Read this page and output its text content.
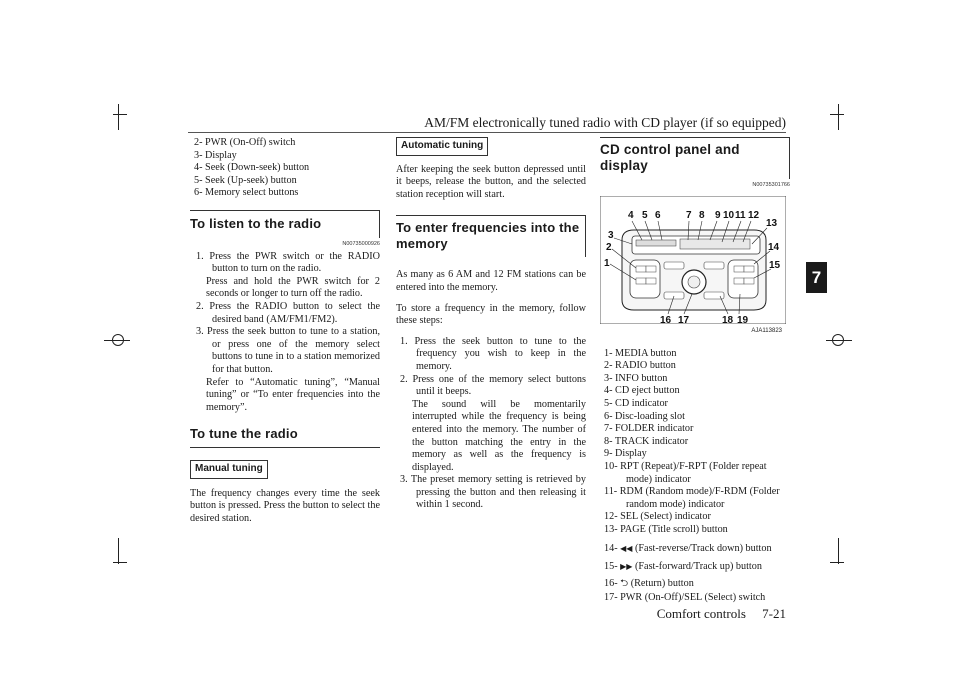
AM/FM electronically tuned radio with CD player (if so equipped)
7
Comfort controls 7-21
2- PWR (On-Off) switch
3- Display
4- Seek (Down-seek) button
5- Seek (Up-seek) button
6- Memory select buttons
To listen to the radio
N00735000926
1. Press the PWR switch or the RADIO button to turn on the radio.
Press and hold the PWR switch for 2 seconds or longer to turn off the radio.
2. Press the RADIO button to select the desired band (AM/FM1/FM2).
3. Press the seek button to tune to a station, or press one of the memory select buttons to tune in to a station memorized for that button.
Refer to “Automatic tuning”, “Manual tuning” or “To enter frequencies into the memory”.
To tune the radio
Manual tuning
The frequency changes every time the seek button is pressed. Press the button to select the desired station.
Automatic tuning
After keeping the seek button depressed until it beeps, release the button, and the selected station reception will start.
To enter frequencies into the memory
As many as 6 AM and 12 FM stations can be entered into the memory.
To store a frequency in the memory, follow these steps:
1. Press the seek button to tune to the frequency you wish to keep in the memory.
2. Press one of the memory select buttons until it beeps.
The sound will be momentarily interrupted while the frequency is being entered into the memory. The number of the button matching the entry in the memory as well as the frequency is displayed.
3. The preset memory setting is retrieved by pressing the button and then releasing it within 1 second.
CD control panel and display
N00735301766
4 5 6	7 8 9 10 11 12
13
14
15
3
2
1
16 17	18 19
AJA113823
1- MEDIA button
2- RADIO button
3- INFO button
4- CD eject button
5- CD indicator
6- Disc-loading slot
7- FOLDER indicator
8- TRACK indicator
9- Display
10- RPT (Repeat)/F-RPT (Folder repeat mode) indicator
11- RDM (Random mode)/F-RDM (Folder random mode) indicator
12- SEL (Select) indicator
13- PAGE (Title scroll) button
14- ◀◀ (Fast-reverse/Track down) button
15- ▶▶ (Fast-forward/Track up) button
16- ⮌ (Return) button
17- PWR (On-Off)/SEL (Select) switch
